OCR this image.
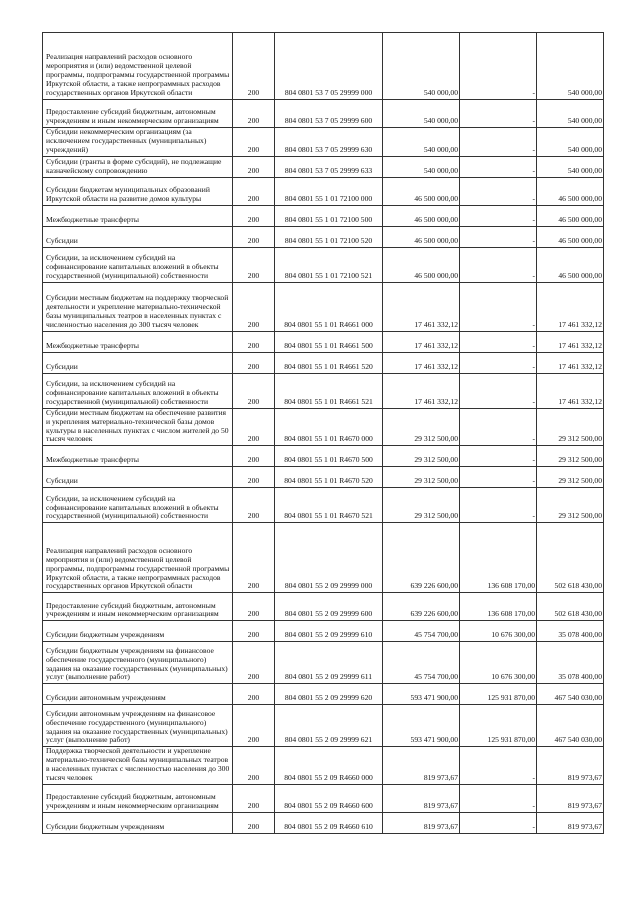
Реализация направлений расходов основного мероприятия и (или) ведомственной целевой программы, подпрограммы государственной программы Иркутской области, а также непрограммных расходов государственных органов Иркутской области	200	804 0801 53 7 05 29999 000	540 000,00	-	540 000,00
Предоставление субсидий бюджетным, автономным учреждениям и иным некоммерческим организациям	200	804 0801 53 7 05 29999 600	540 000,00	-	540 000,00
Субсидии некоммерческим организациям (за исключением государственных (муниципальных) учреждений)	200	804 0801 53 7 05 29999 630	540 000,00	-	540 000,00
Субсидии (гранты в форме субсидий), не подлежащие казначейскому сопровождению	200	804 0801 53 7 05 29999 633	540 000,00	-	540 000,00
Субсидии бюджетам муниципальных образований Иркутской области на развитие домов культуры	200	804 0801 55 1 01 72100 000	46 500 000,00	-	46 500 000,00
Межбюджетные трансферты	200	804 0801 55 1 01 72100 500	46 500 000,00	-	46 500 000,00
Субсидии	200	804 0801 55 1 01 72100 520	46 500 000,00	-	46 500 000,00
Субсидии, за исключением субсидий на софинансирование капитальных вложений в объекты государственной (муниципальной) собственности	200	804 0801 55 1 01 72100 521	46 500 000,00	-	46 500 000,00
Субсидии местным бюджетам на поддержку творческой деятельности и укрепление материально-технической базы муниципальных театров в населенных пунктах с численностью населения до 300 тысяч человек	200	804 0801 55 1 01 R4661 000	17 461 332,12	-	17 461 332,12
Межбюджетные трансферты	200	804 0801 55 1 01 R4661 500	17 461 332,12	-	17 461 332,12
Субсидии	200	804 0801 55 1 01 R4661 520	17 461 332,12	-	17 461 332,12
Субсидии, за исключением субсидий на софинансирование капитальных вложений в объекты государственной (муниципальной) собственности	200	804 0801 55 1 01 R4661 521	17 461 332,12	-	17 461 332,12
Субсидии местным бюджетам на обеспечение развития и укрепления материально-технической базы домов культуры в населенных пунктах с числом жителей до 50 тысяч человек	200	804 0801 55 1 01 R4670 000	29 312 500,00	-	29 312 500,00
Межбюджетные трансферты	200	804 0801 55 1 01 R4670 500	29 312 500,00	-	29 312 500,00
Субсидии	200	804 0801 55 1 01 R4670 520	29 312 500,00	-	29 312 500,00
Субсидии, за исключением субсидий на софинансирование капитальных вложений в объекты государственной (муниципальной) собственности	200	804 0801 55 1 01 R4670 521	29 312 500,00	-	29 312 500,00
Реализация направлений расходов основного мероприятия и (или) ведомственной целевой программы, подпрограммы государственной программы Иркутской области, а также непрограммных расходов государственных органов Иркутской области	200	804 0801 55 2 09 29999 000	639 226 600,00	136 608 170,00	502 618 430,00
Предоставление субсидий бюджетным, автономным учреждениям и иным некоммерческим организациям	200	804 0801 55 2 09 29999 600	639 226 600,00	136 608 170,00	502 618 430,00
Субсидии бюджетным учреждениям	200	804 0801 55 2 09 29999 610	45 754 700,00	10 676 300,00	35 078 400,00
Субсидии бюджетным учреждениям на финансовое обеспечение государственного (муниципального) задания на оказание государственных (муниципальных) услуг (выполнение работ)	200	804 0801 55 2 09 29999 611	45 754 700,00	10 676 300,00	35 078 400,00
Субсидии автономным учреждениям	200	804 0801 55 2 09 29999 620	593 471 900,00	125 931 870,00	467 540 030,00
Субсидии автономным учреждениям на финансовое обеспечение государственного (муниципального) задания на оказание государственных (муниципальных) услуг (выполнение работ)	200	804 0801 55 2 09 29999 621	593 471 900,00	125 931 870,00	467 540 030,00
Поддержка творческой деятельности и укрепление материально-технической базы муниципальных театров в населенных пунктах с численностью населения до 300 тысяч человек	200	804 0801 55 2 09 R4660 000	819 973,67	-	819 973,67
Предоставление субсидий бюджетным, автономным учреждениям и иным некоммерческим организациям	200	804 0801 55 2 09 R4660 600	819 973,67	-	819 973,67
Субсидии бюджетным учреждениям	200	804 0801 55 2 09 R4660 610	819 973,67	-	819 973,67
